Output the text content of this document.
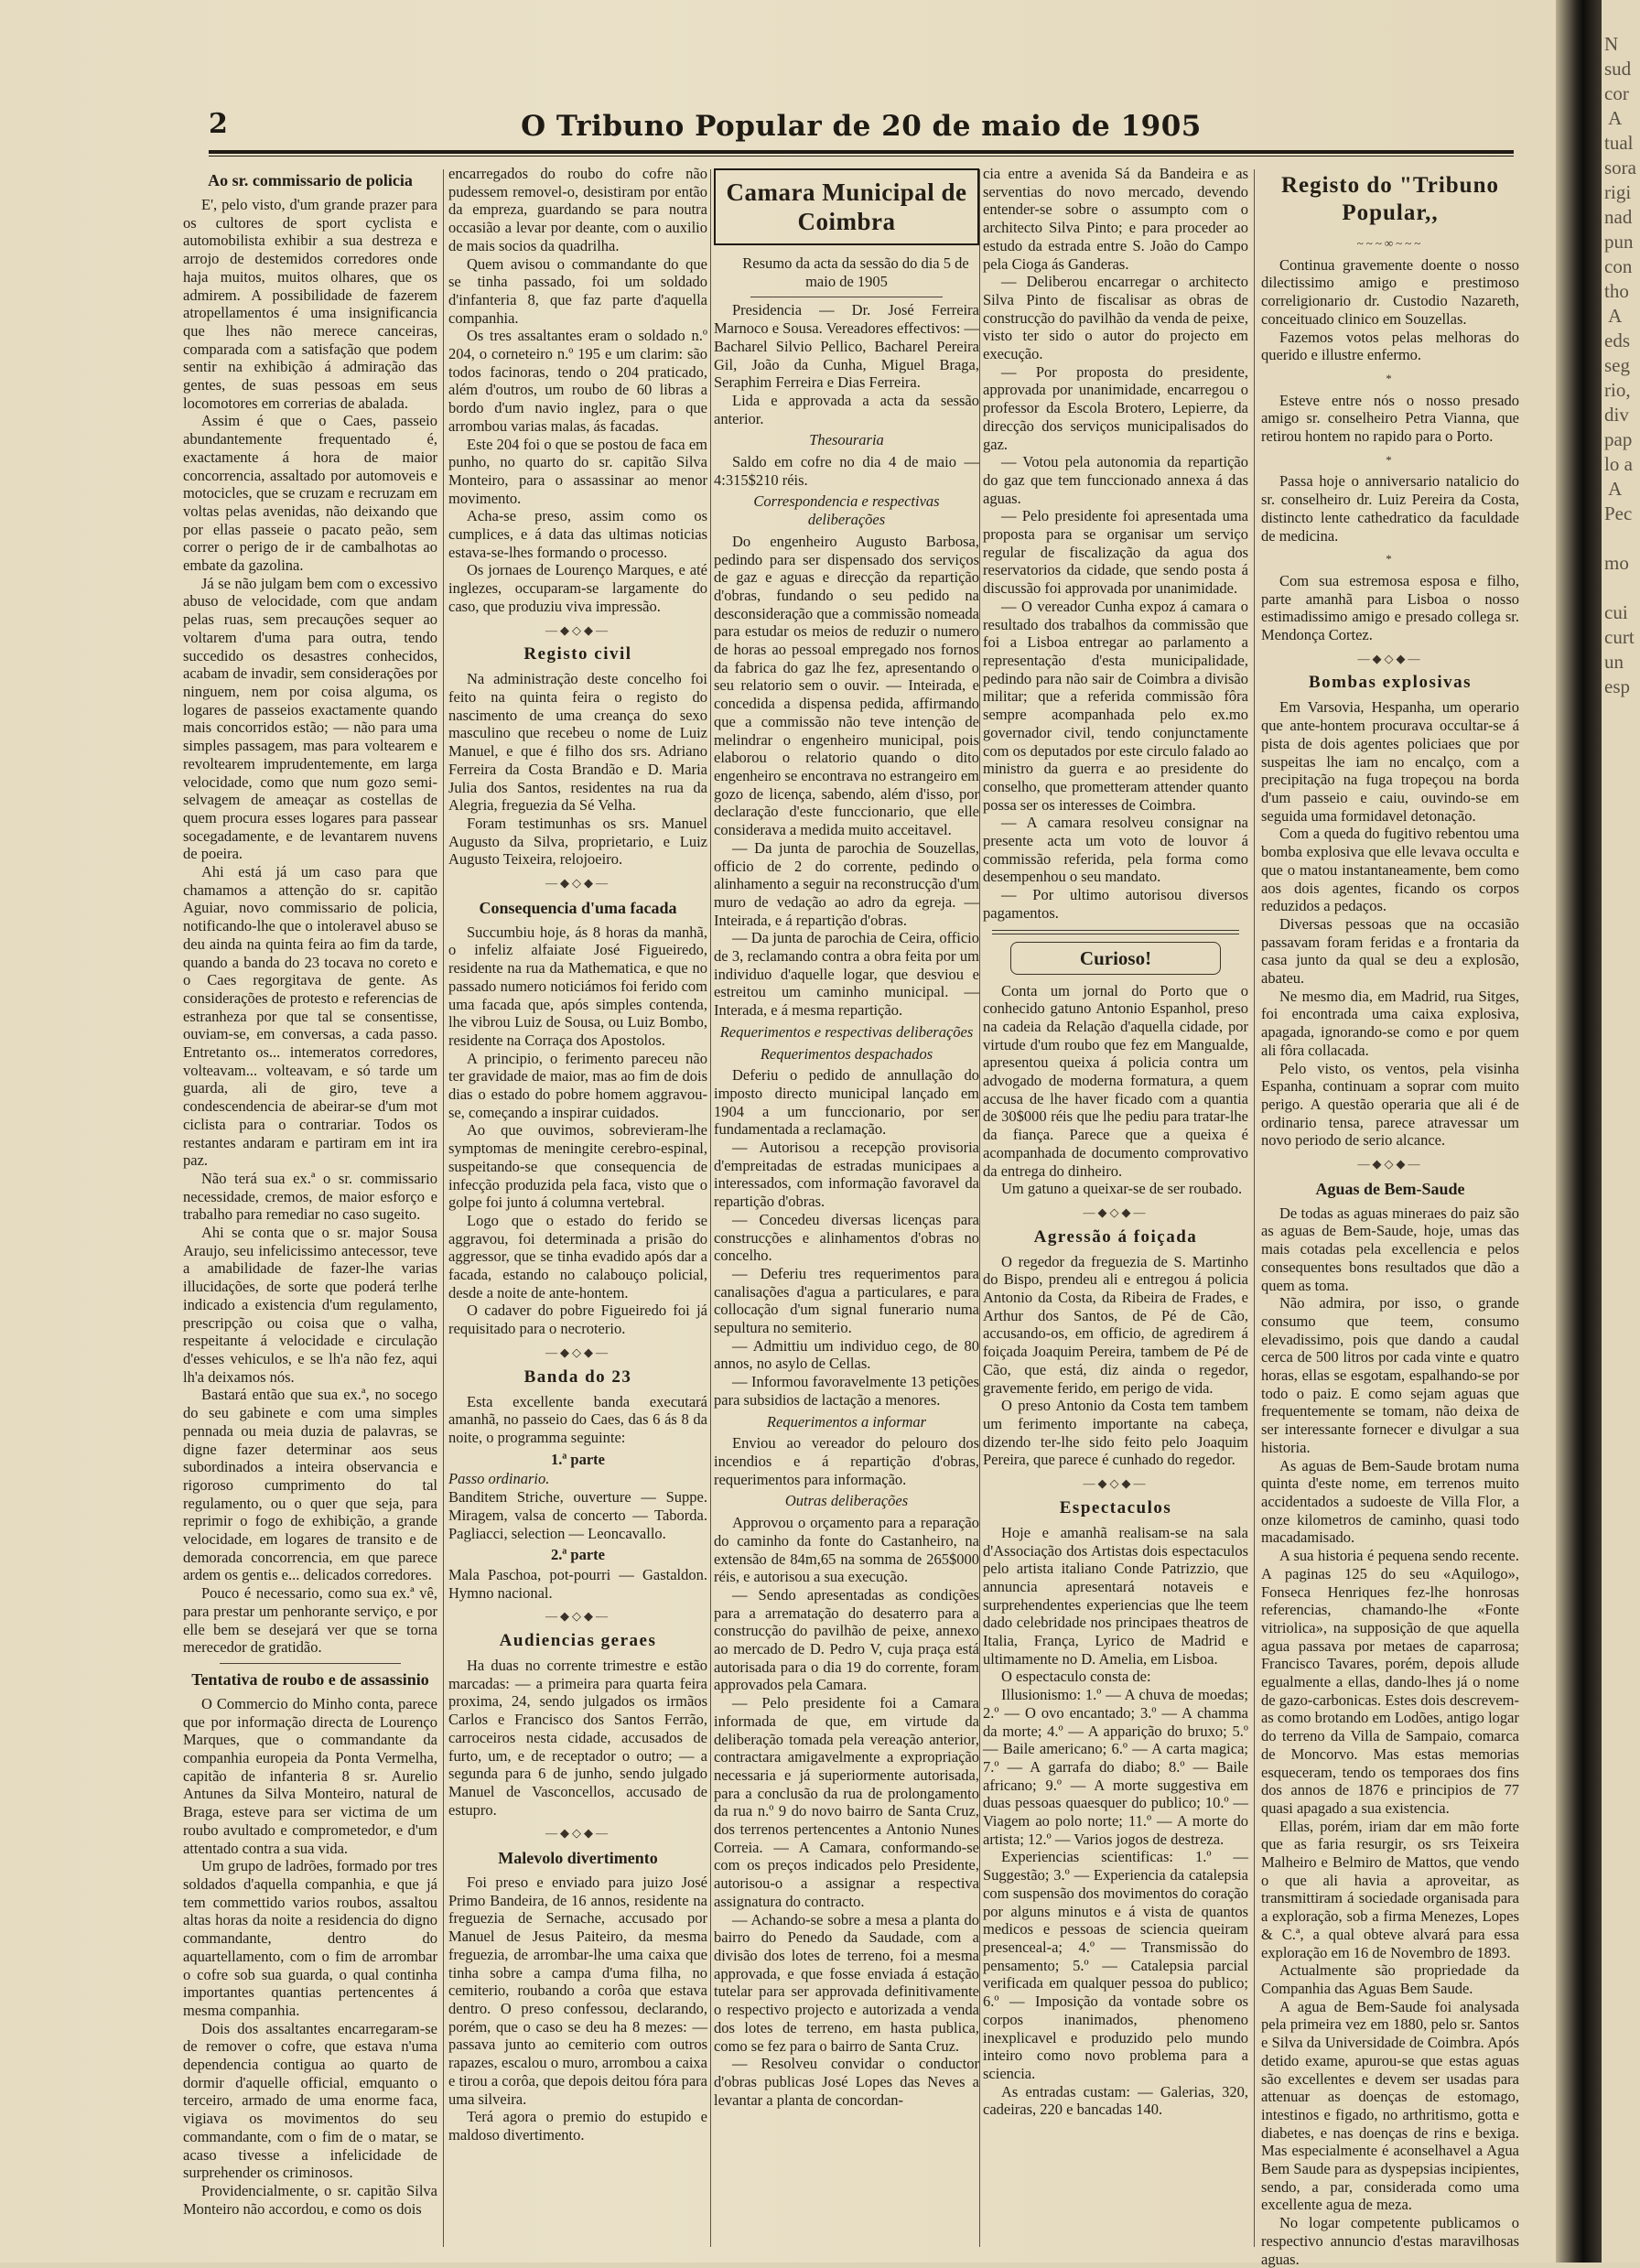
2	O Tribuno Popular de 20 de maio de 1905
Ao sr. commissario de policia

E', pelo visto, d'um grande prazer para os cultores de sport cyclista e automobilista exhibir a sua destreza e arrojo de destemidos corredores onde haja muitos, muitos olhares, que os admirem. A possibilidade de fazerem atropellamentos é uma insignificancia que lhes não merece canceiras, comparada com a satisfação que podem sentir na exhibição á admiração das gentes, de suas pessoas em seus locomotores em correrias de abalada.

Assim é que o Caes, passeio abundantemente frequentado é, exactamente á hora de maior concorrencia, assaltado por automoveis e motocicles, que se cruzam e recruzam em voltas pelas avenidas, não deixando que por ellas passeie o pacato peão, sem correr o perigo de ir de cambalhotas ao embate da gazolina.

Já se não julgam bem com o excessivo abuso de velocidade, com que andam pelas ruas, sem precauções sequer ao voltarem d'uma para outra, tendo succedido os desastres conhecidos, acabam de invadir, sem considerações por ninguem, nem por coisa alguma, os logares de passeios exactamente quando mais concorridos estão; — não para uma simples passagem, mas para voltearem e revoltearem imprudentemente, em larga velocidade, como que num gozo semi-selvagem de ameaçar as costellas de quem procura esses logares para passear socegadamente, e de levantarem nuvens de poeira.

Ahi está já um caso para que chamamos a attenção do sr. capitão Aguiar, novo commissario de policia, notificando-lhe que o intoleravel abuso se deu ainda na quinta feira ao fim da tarde, quando a banda do 23 tocava no coreto e o Caes regorgitava de gente. As considerações de protesto e referencias de estranheza por que tal se consentisse, ouviam-se, em conversas, a cada passo. Entretanto os... intemeratos corredores, volteavam... volteavam, e só tarde um guarda, ali de giro, teve a condescendencia de abeirar-se d'um mot ciclista para o contrariar. Todos os restantes andaram e partiram em int ira paz.

Não terá sua ex.ª o sr. commissario necessidade, cremos, de maior esforço e trabalho para remediar no caso sugeito.

Ahi se conta que o sr. major Sousa Araujo, seu infelicissimo antecessor, teve a amabilidade de fazer-lhe varias illucidações, de sorte que poderá terlhe indicado a existencia d'um regulamento, prescripção ou coisa que o valha, respeitante á velocidade e circulação d'esses vehiculos, e se lh'a não fez, aqui lh'a deixamos nós.

Bastará então que sua ex.ª, no socego do seu gabinete e com uma simples pennada ou meia duzia de palavras, se digne fazer determinar aos seus subordinados a inteira observancia e rigoroso cumprimento do tal regulamento, ou o quer que seja, para reprimir o fogo de exhibição, a grande velocidade, em logares de transito e de demorada concorrencia, em que parece ardem os gentis e... delicados corredores.

Pouco é necessario, como sua ex.ª vê, para prestar um penhorante serviço, e por elle bem se desejará ver que se torna merecedor de gratidão.

Tentativa de roubo e de assassinio

O Commercio do Minho conta, parece que por informação directa de Lourenço Marques, que o commandante da companhia europeia da Ponta Vermelha, capitão de infanteria 8 sr. Aurelio Antunes da Silva Monteiro, natural de Braga, esteve para ser victima de um roubo avultado e comprometedor, e d'um attentado contra a sua vida.

Um grupo de ladrões, formado por tres soldados d'aquella companhia, e que já tem commettido varios roubos, assaltou altas horas da noite a residencia do digno commandante, dentro do aquartellamento, com o fim de arrombar o cofre sob sua guarda, o qual continha importantes quantias pertencentes á mesma companhia.

Dois dos assaltantes encarregaram-se de remover o cofre, que estava n'uma dependencia contigua ao quarto de dormir d'aquelle official, emquanto o terceiro, armado de uma enorme faca, vigiava os movimentos do seu commandante, com o fim de o matar, se acaso tivesse a infelicidade de surprehender os criminosos.

Providencialmente, o sr. capitão Silva Monteiro não accordou, e como os dois

encarregados do roubo do cofre não pudessem removel-o, desistiram por então da empreza, guardando se para noutra occasião a levar por deante, com o auxilio de mais socios da quadrilha.

Quem avisou o commandante do que se tinha passado, foi um soldado d'infanteria 8, que faz parte d'aquella companhia.

Os tres assaltantes eram o soldado n.º 204, o corneteiro n.º 195 e um clarim: são todos facinoras, tendo o 204 praticado, além d'outros, um roubo de 60 libras a bordo d'um navio inglez, para o que arrombou varias malas, ás facadas.

Este 204 foi o que se postou de faca em punho, no quarto do sr. capitão Silva Monteiro, para o assassinar ao menor movimento.

Acha-se preso, assim como os cumplices, e á data das ultimas noticias estava-se-lhes formando o processo.

Os jornaes de Lourenço Marques, e até inglezes, occuparam-se largamente do caso, que produziu viva impressão.

—◆◇◆—
Registo civil

Na administração deste concelho foi feito na quinta feira o registo do nascimento de uma creança do sexo masculino que recebeu o nome de Luiz Manuel, e que é filho dos srs. Adriano Ferreira da Costa Brandão e D. Maria Julia dos Santos, residentes na rua da Alegria, freguezia da Sé Velha.

Foram testimunhas os srs. Manuel Augusto da Silva, proprietario, e Luiz Augusto Teixeira, relojoeiro.

—◆◇◆—
Consequencia d'uma facada

Succumbiu hoje, ás 8 horas da manhã, o infeliz alfaiate José Figueiredo, residente na rua da Mathematica, e que no passado numero noticiámos foi ferido com uma facada que, após simples contenda, lhe vibrou Luiz de Sousa, ou Luiz Bombo, residente na Corraça dos Apostolos.

A principio, o ferimento pareceu não ter gravidade de maior, mas ao fim de dois dias o estado do pobre homem aggravou-se, começando a inspirar cuidados.

Ao que ouvimos, sobrevieram-lhe symptomas de meningite cerebro-espinal, suspeitando-se que consequencia de infecção produzida pela faca, visto que o golpe foi junto á columna vertebral.

Logo que o estado do ferido se aggravou, foi determinada a prisão do aggressor, que se tinha evadido após dar a facada, estando no calabouço policial, desde a noite de ante-hontem.

O cadaver do pobre Figueiredo foi já requisitado para o necroterio.

—◆◇◆—
Banda do 23

Esta excellente banda executará amanhã, no passeio do Caes, das 6 ás 8 da noite, o programma seguinte:

1.ª parte

Passo ordinario.

Banditem Striche, ouverture — Suppe. Miragem, valsa de concerto — Taborda. Pagliacci, selection — Leoncavallo.

2.ª parte

Mala Paschoa, pot-pourri — Gastaldon. Hymno nacional.

—◆◇◆—
Audiencias geraes

Ha duas no corrente trimestre e estão marcadas: — a primeira para quarta feira proxima, 24, sendo julgados os irmãos Carlos e Francisco dos Santos Ferrão, carroceiros nesta cidade, accusados de furto, um, e de receptador o outro; — a segunda para 6 de junho, sendo julgado Manuel de Vasconcellos, accusado de estupro.

—◆◇◆—
Malevolo divertimento

Foi preso e enviado para juizo José Primo Bandeira, de 16 annos, residente na freguezia de Sernache, accusado por Manuel de Jesus Paiteiro, da mesma freguezia, de arrombar-lhe uma caixa que tinha sobre a campa d'uma filha, no cemiterio, roubando a corôa que estava dentro. O preso confessou, declarando, porém, que o caso se deu ha 8 mezes: — passava junto ao cemiterio com outros rapazes, escalou o muro, arrombou a caixa e tirou a corôa, que depois deitou fóra para uma silveira.

Terá agora o premio do estupido e maldoso divertimento.

Camara Municipal de Coimbra

Resumo da acta da sessão do dia 5 de maio de 1905

Presidencia — Dr. José Ferreira Marnoco e Sousa. Vereadores effectivos: — Bacharel Silvio Pellico, Bacharel Pereira Gil, João da Cunha, Miguel Braga, Seraphim Ferreira e Dias Ferreira.

Lida e approvada a acta da sessão anterior.

Thesouraria

Saldo em cofre no dia 4 de maio — 4:315$210 réis.

Correspondencia e respectivas deliberações

Do engenheiro Augusto Barbosa, pedindo para ser dispensado dos serviços de gaz e aguas e direcção da repartição d'obras, fundando o seu pedido na desconsideração que a commissão nomeada para estudar os meios de reduzir o numero de horas ao pessoal empregado nos fornos da fabrica do gaz lhe fez, apresentando o seu relatorio sem o ouvir. — Inteirada, e concedida a dispensa pedida, affirmando que a commissão não teve intenção de melindrar o engenheiro municipal, pois elaborou o relatorio quando o dito engenheiro se encontrava no estrangeiro em gozo de licença, sabendo, além d'isso, por declaração d'este funccionario, que elle considerava a medida muito acceitavel.

— Da junta de parochia de Souzellas, officio de 2 do corrente, pedindo o alinhamento a seguir na reconstrucção d'um muro de vedação ao adro da egreja. — Inteirada, e á repartição d'obras.

— Da junta de parochia de Ceira, officio de 3, reclamando contra a obra feita por um individuo d'aquelle logar, que desviou e estreitou um caminho municipal. — Interada, e á mesma repartição.

Requerimentos e respectivas deliberações
Requerimentos despachados

Deferiu o pedido de annullação do imposto directo municipal lançado em 1904 a um funccionario, por ser fundamentada a reclamação.

— Autorisou a recepção provisoria d'empreitadas de estradas municipaes a interessados, com informação favoravel da repartição d'obras.

— Concedeu diversas licenças para construcções e alinhamentos d'obras no concelho.

— Deferiu tres requerimentos para canalisações d'agua a particulares, e para collocação d'um signal funerario numa sepultura no semiterio.

— Admittiu um individuo cego, de 80 annos, no asylo de Cellas.

— Informou favoravelmente 13 petições para subsidios de lactação a menores.

Requerimentos a informar

Enviou ao vereador do pelouro dos incendios e á repartição d'obras, requerimentos para informação.

Outras deliberações

Approvou o orçamento para a reparação do caminho da fonte do Castanheiro, na extensão de 84m,65 na somma de 265$000 réis, e autorisou a sua execução.

— Sendo apresentadas as condições para a arrematação do desaterro para a construcção do pavilhão de peixe, annexo ao mercado de D. Pedro V, cuja praça está autorisada para o dia 19 do corrente, foram approvados pela Camara.

— Pelo presidente foi a Camara informada de que, em virtude da deliberação tomada pela vereação anterior, contractara amigavelmente a expropriação necessaria e já superiormente autorisada, para a conclusão da rua de prolongamento da rua n.º 9 do novo bairro de Santa Cruz, dos terrenos pertencentes a Antonio Nunes Correia. — A Camara, conformando-se com os preços indicados pelo Presidente, autorisou-o a assignar a respectiva assignatura do contracto.

— Achando-se sobre a mesa a planta do bairro do Penedo da Saudade, com a divisão dos lotes de terreno, foi a mesma approvada, e que fosse enviada á estação tutelar para ser approvada definitivamente o respectivo projecto e autorizada a venda dos lotes de terreno, em hasta publica, como se fez para o bairro de Santa Cruz.

— Resolveu convidar o conductor d'obras publicas José Lopes das Neves a levantar a planta de concordan-

cia entre a avenida Sá da Bandeira e as serventias do novo mercado, devendo entender-se sobre o assumpto com o architecto Silva Pinto; e para proceder ao estudo da estrada entre S. João do Campo pela Cioga ás Ganderas.

— Deliberou encarregar o architecto Silva Pinto de fiscalisar as obras de construcção do pavilhão da venda de peixe, visto ter sido o autor do projecto em execução.

— Por proposta do presidente, approvada por unanimidade, encarregou o professor da Escola Brotero, Lepierre, da direcção dos serviços municipalisados do gaz.

— Votou pela autonomia da repartição do gaz que tem funccionado annexa á das aguas.

— Pelo presidente foi apresentada uma proposta para se organisar um serviço regular de fiscalização da agua dos reservatorios da cidade, que sendo posta á discussão foi approvada por unanimidade.

— O vereador Cunha expoz á camara o resultado dos trabalhos da commissão que foi a Lisboa entregar ao parlamento a representação d'esta municipalidade, pedindo para não sair de Coimbra a divisão militar; que a referida commissão fôra sempre acompanhada pelo ex.mo governador civil, tendo conjunctamente com os deputados por este circulo falado ao ministro da guerra e ao presidente do conselho, que prometteram attender quanto possa ser os interesses de Coimbra.

— A camara resolveu consignar na presente acta um voto de louvor á commissão referida, pela forma como desempenhou o seu mandato.

— Por ultimo autorisou diversos pagamentos.

Curioso!

Conta um jornal do Porto que o conhecido gatuno Antonio Espanhol, preso na cadeia da Relação d'aquella cidade, por virtude d'um roubo que fez em Mangualde, apresentou queixa á policia contra um advogado de modernа formatura, a quem accusa de lhe haver ficado com a quantia de 30$000 réis que lhe pediu para tratar-lhe da fiança. Parece que a queixa é acompanhada de documento comprovativo da entrega do dinheiro.

Um gatuno a queixar-se de ser roubado.

—◆◇◆—
Agressão á foiçada

O regedor da freguezia de S. Martinho do Bispo, prendeu ali e entregou á policia Antonio da Costa, da Ribeira de Frades, e Arthur dos Santos, de Pé de Cão, accusando-os, em officio, de agredirem á foiçada Joaquim Pereira, tambem de Pé de Cão, que está, diz ainda o regedor, gravemente ferido, em perigo de vida.

O preso Antonio da Costa tem tambem um ferimento importante na cabeça, dizendo ter-lhe sido feito pelo Joaquim Pereira, que parece é cunhado do regedor.

—◆◇◆—
Espectaculos

Hoje e amanhã realisam-se na sala d'Associação dos Artistas dois espectaculos pelo artista italiano Conde Patrizzio, que annuncia apresentará notaveis e surprehendentes experiencias que lhe teem dado celebridade nos principaes theatros de Italia, França, Lyrico de Madrid e ultimamente no D. Amelia, em Lisboa.

O espectaculo consta de:

Illusionismo: 1.º — A chuva de moedas; 2.º — O ovo encantado; 3.º — A chamma da morte; 4.º — A apparição do bruxo; 5.º — Baile americano; 6.º — A carta magica; 7.º — A garrafa do diabo; 8.º — Baile africano; 9.º — A morte suggestiva em duas pessoas quaesquer do publico; 10.º — Viagem ao polo norte; 11.º — A morte do artista; 12.º — Varios jogos de destreza.

Experiencias scientificas: 1.º — Suggestão; 3.º — Experiencia da catalepsia com suspensão dos movimentos do coração por alguns minutos e á vista de quantos medicos e pessoas de sciencia queiram presenceal-a; 4.º — Transmissão do pensamento; 5.º — Catalepsia parcial verificada em qualquer pessoa do publico; 6.º — Imposição da vontade sobre os corpos inanimados, phenomeno inexplicavel e produzido pelo mundo inteiro como novo problema para a sciencia.

As entradas custam: — Galerias, 320, cadeiras, 220 e bancadas 140.

Registo do "Tribuno Popular,,
~~~∞~~~

Continua gravemente doente o nosso dilectissimo amigo e prestimoso correligionario dr. Custodio Nazareth, conceituado clinico em Souzellas.

Fazemos votos pelas melhoras do querido e illustre enfermo.

*

Esteve entre nós o nosso presado amigo sr. conselheiro Petra Vianna, que retirou hontem no rapido para o Porto.

*

Passa hoje o anniversario natalicio do sr. conselheiro dr. Luiz Pereira da Costa, distincto lente cathedratico da faculdade de medicina.

*

Com sua estremosa esposa e filho, parte amanhã para Lisboa o nosso estimadissimo amigo e presado collega sr. Mendonça Cortez.

—◆◇◆—
Bombas explosivas

Em Varsovia, Hespanha, um operario que ante-hontem procurava occultar-se á pista de dois agentes policiaes que por suspeitas lhe iam no encalço, com a precipitação na fuga tropeçou na borda d'um passeio e caiu, ouvindo-se em seguida uma formidavel detonação.

Com a queda do fugitivo rebentou uma bomba explosiva que elle levava occulta e que o matou instantaneamente, bem como aos dois agentes, ficando os corpos reduzidos a pedaços.

Diversas pessoas que na occasião passavam foram feridas e a frontaria da casa junto da qual se deu a explosão, abateu.

Ne mesmo dia, em Madrid, rua Sitges, foi encontrada uma caixa explosiva, apagada, ignorando-se como e por quem ali fôra collacada.

Pelo visto, os ventos, pela visinha Espanha, continuam a soprar com muito perigo. A questão operaria que ali é de ordinario tensa, parece atravessar um novo periodo de serio alcance.

—◆◇◆—
Aguas de Bem-Saude

De todas as aguas mineraes do paiz são as aguas de Bem-Saude, hoje, umas das mais cotadas pela excellencia e pelos consequentes bons resultados que dão a quem as toma.

Não admira, por isso, o grande consumo que teem, consumo elevadissimo, pois que dando a caudal cerca de 500 litros por cada vinte e quatro horas, ellas se esgotam, espalhando-se por todo o paiz. E como sejam aguas que frequentemente se tomam, não deixa de ser interessante fornecer e divulgar a sua historia.

As aguas de Bem-Saude brotam numa quinta d'este nome, em terrenos muito accidentados a sudoeste de Villa Flor, a onze kilometros de caminho, quasi todo macadamisado.

A sua historia é pequena sendo recente. A paginas 125 do seu «Aquilogo», Fonseca Henriques fez-lhe honrosas referencias, chamando-lhe «Fonte vitriolica», na supposição de que aquella agua passava por metaes de caparrosa; Francisco Tavares, porém, depois allude egualmente a ellas, dando-lhes já o nome de gazo-carbonicas. Estes dois descrevem-as como brotando em Lodões, antigo logar do terreno da Villa de Sampaio, comarca de Moncorvo. Mas estas memorias esqueceram, tendo os temporaes dos fins dos annos de 1876 e principios de 77 quasi apagado a sua existencia.

Ellas, porém, iriam dar em mão forte que as faria resurgir, os srs Teixeira Malheiro e Belmiro de Mattos, que vendo o que ali havia a aproveitar, as transmittiram á sociedade organisada para a exploração, sob a firma Menezes, Lopes & C.ª, a qual obteve alvará para essa exploração em 16 de Novembro de 1893.

Actualmente são propriedade da Companhia das Aguas Bem Saude.

A agua de Bem-Saude foi analysada pela primeira vez em 1880, pelo sr. Santos e Silva da Universidade de Coimbra. Após detido exame, apurou-se que estas aguas são excellentes e devem ser usadas para attenuar as doenças de estomago, intestinos e figado, no arthritismo, gotta e diabetes, e nas doenças de rins e bexiga. Mas especialmente é aconselhavel a Agua Bem Saude para as dyspepsias incipientes, sendo, a par, considerada como uma excellente agua de meza.

No logar competente publicamos o respectivo annuncio d'estas maravilhosas aguas.

N
sud
cor
A
tual
sora
rigi
nad
pun
con
tho
A
eds
seg
rio,
div
pap
lo a
A
Pec

mo

cui
curt
un
esp
